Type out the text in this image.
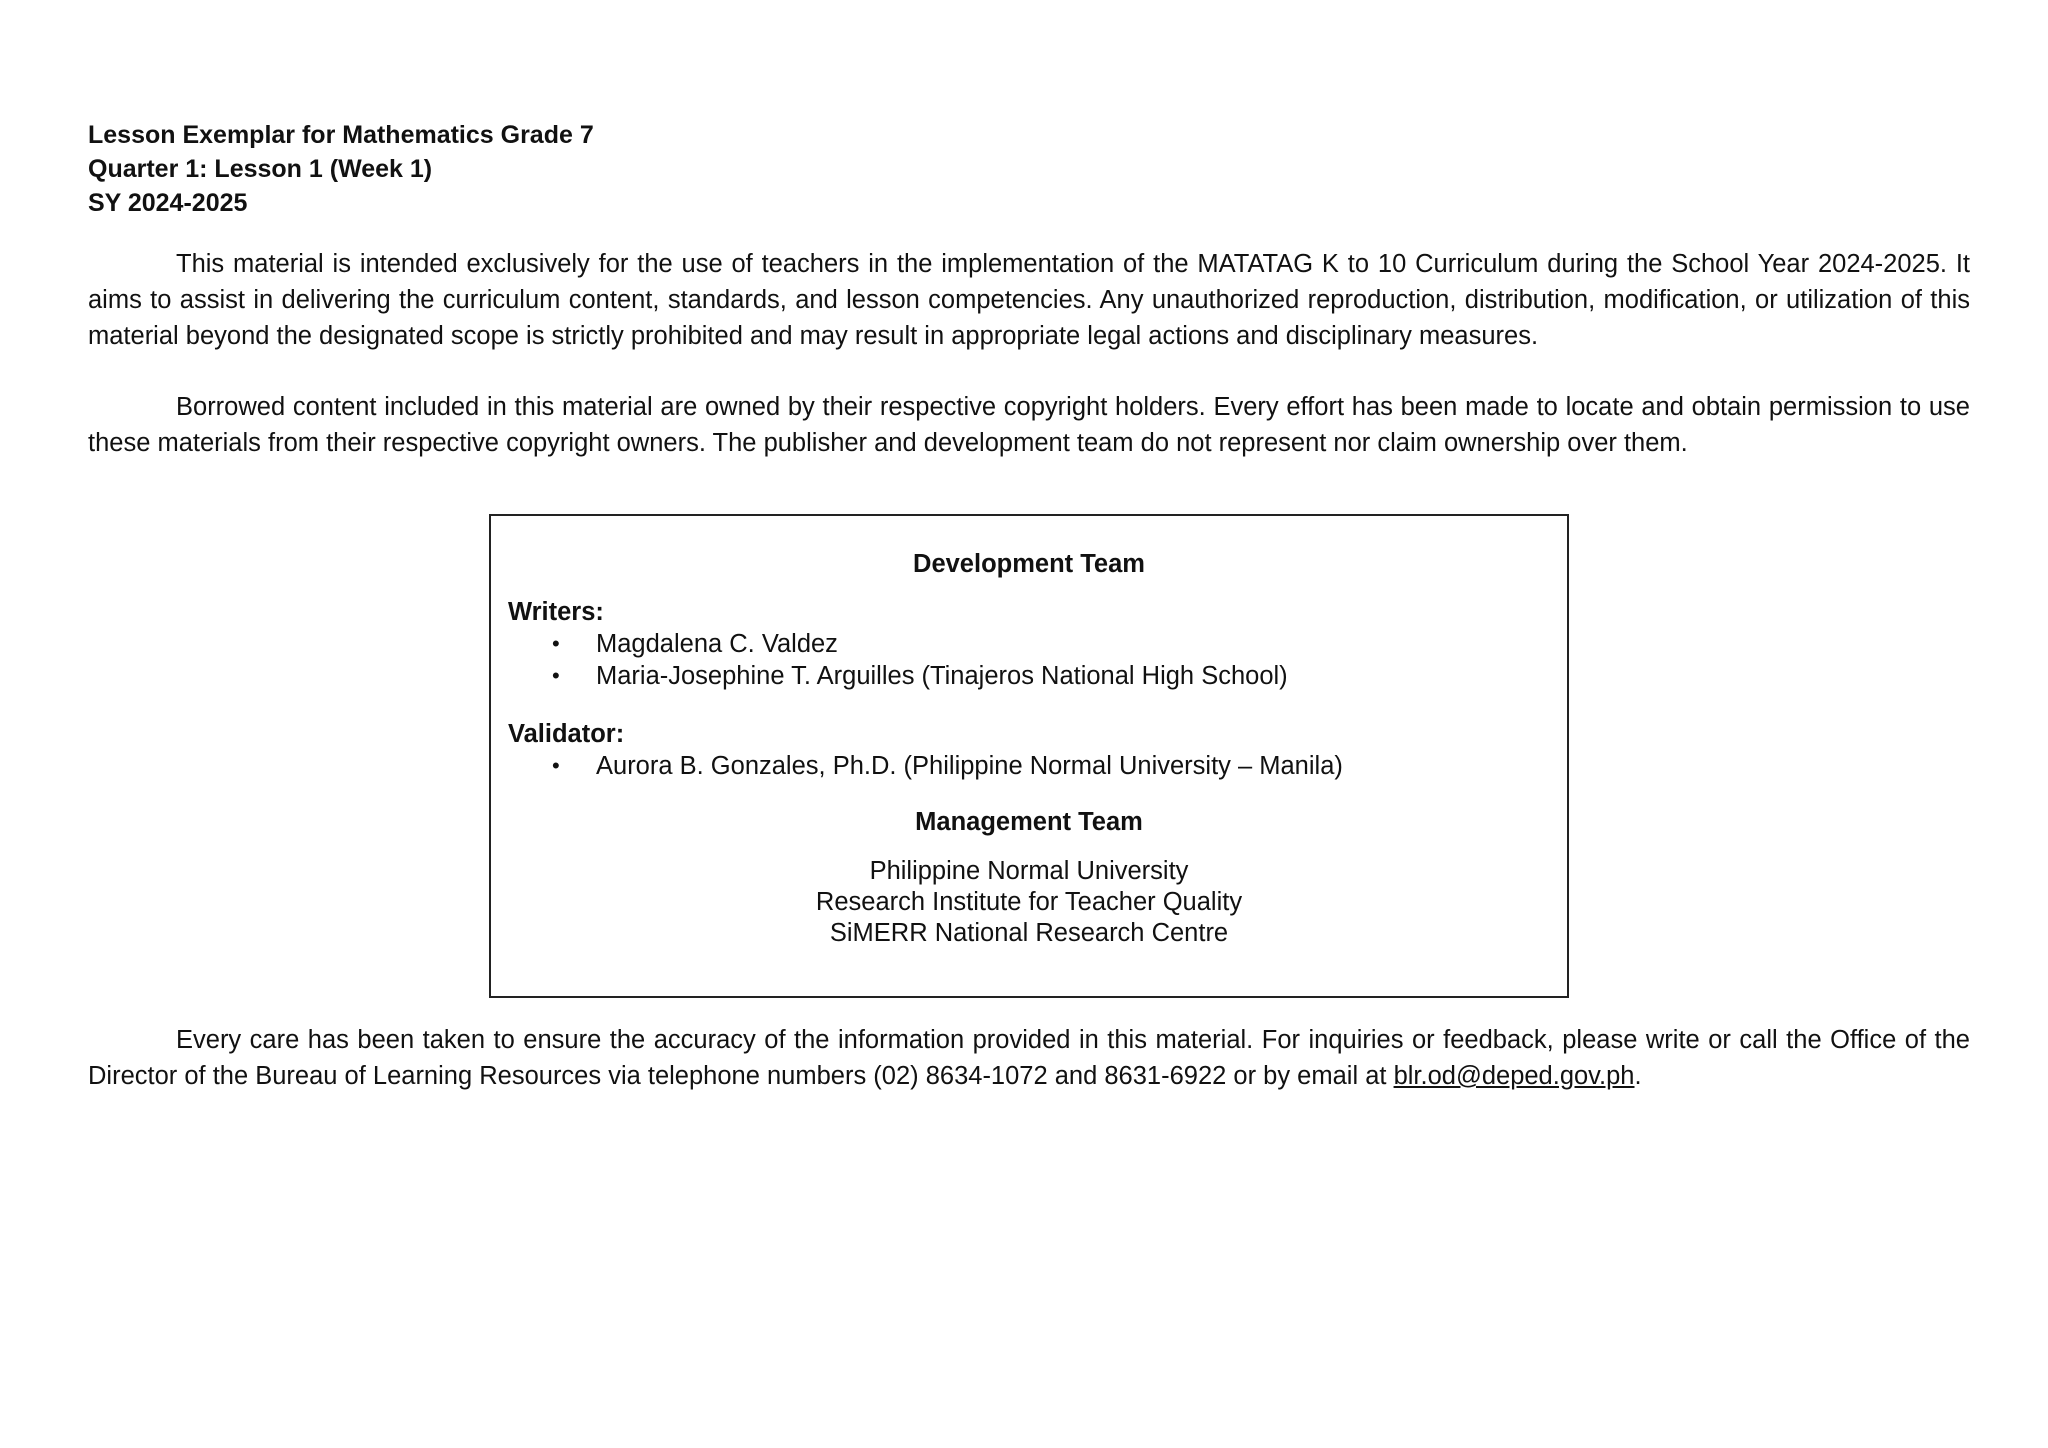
Lesson Exemplar for Mathematics Grade 7

Quarter 1: Lesson 1 (Week 1)

SY 2024-2025

This material is intended exclusively for the use of teachers in the implementation of the MATATAG K to 10 Curriculum during the School Year 2024-2025. It aims to assist in delivering the curriculum content, standards, and lesson competencies. Any unauthorized reproduction, distribution, modification, or utilization of this material beyond the designated scope is strictly prohibited and may result in appropriate legal actions and disciplinary measures.

Borrowed content included in this material are owned by their respective copyright holders. Every effort has been made to locate and obtain permission to use these materials from their respective copyright owners. The publisher and development team do not represent nor claim ownership over them.

Development Team

Writers:

• Magdalena C. Valdez
• Maria-Josephine T. Arguilles (Tinajeros National High School)

Validator:

• Aurora B. Gonzales, Ph.D. (Philippine Normal University – Manila)

Management Team

Philippine Normal University

Research Institute for Teacher Quality

SiMERR National Research Centre

Every care has been taken to ensure the accuracy of the information provided in this material. For inquiries or feedback, please write or call the Office of the Director of the Bureau of Learning Resources via telephone numbers (02) 8634-1072 and 8631-6922 or by email at blr.od@deped.gov.ph.
